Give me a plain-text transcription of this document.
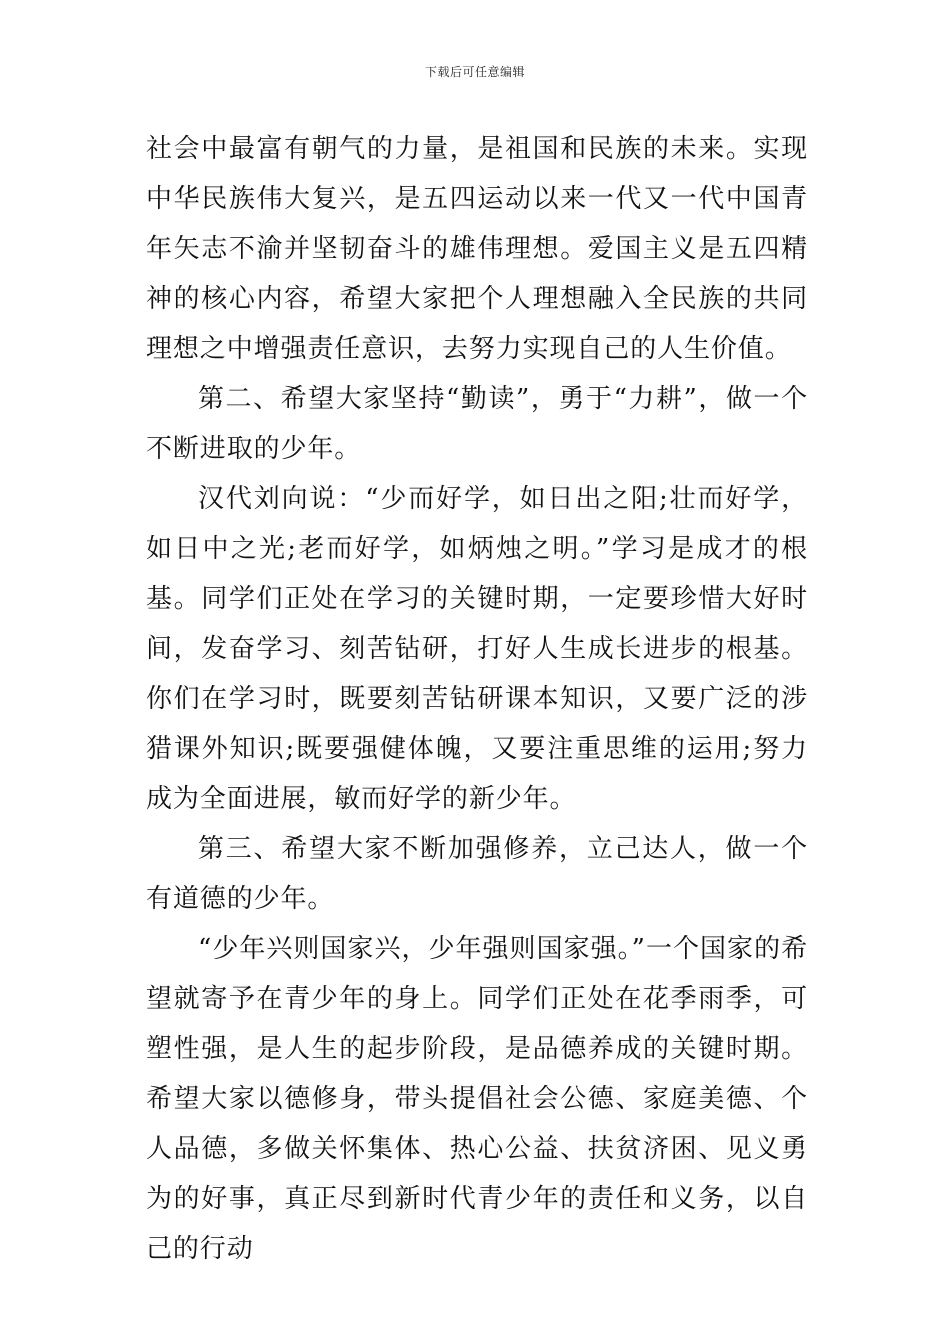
下载后可任意编辑

社会中最富有朝气的力量，是祖国和民族的未来。实现中华民族伟大复兴，是五四运动以来一代又一代中国青年矢志不渝并坚韧奋斗的雄伟理想。爱国主义是五四精神的核心内容，希望大家把个人理想融入全民族的共同理想之中增强责任意识，去努力实现自己的人生价值。

第二、希望大家坚持“勤读”，勇于“力耕”，做一个不断进取的少年。

汉代刘向说：“少而好学，如日出之阳;壮而好学，如日中之光;老而好学，如炳烛之明。”学习是成才的根基。同学们正处在学习的关键时期，一定要珍惜大好时间，发奋学习、刻苦钻研，打好人生成长进步的根基。你们在学习时，既要刻苦钻研课本知识，又要广泛的涉猎课外知识;既要强健体魄，又要注重思维的运用;努力成为全面进展，敏而好学的新少年。

第三、希望大家不断加强修养，立己达人，做一个有道德的少年。

“少年兴则国家兴，少年强则国家强。”一个国家的希望就寄予在青少年的身上。同学们正处在花季雨季，可塑性强，是人生的起步阶段，是品德养成的关键时期。希望大家以德修身，带头提倡社会公德、家庭美德、个人品德，多做关怀集体、热心公益、扶贫济困、见义勇为的好事，真正尽到新时代青少年的责任和义务，以自己的行动
